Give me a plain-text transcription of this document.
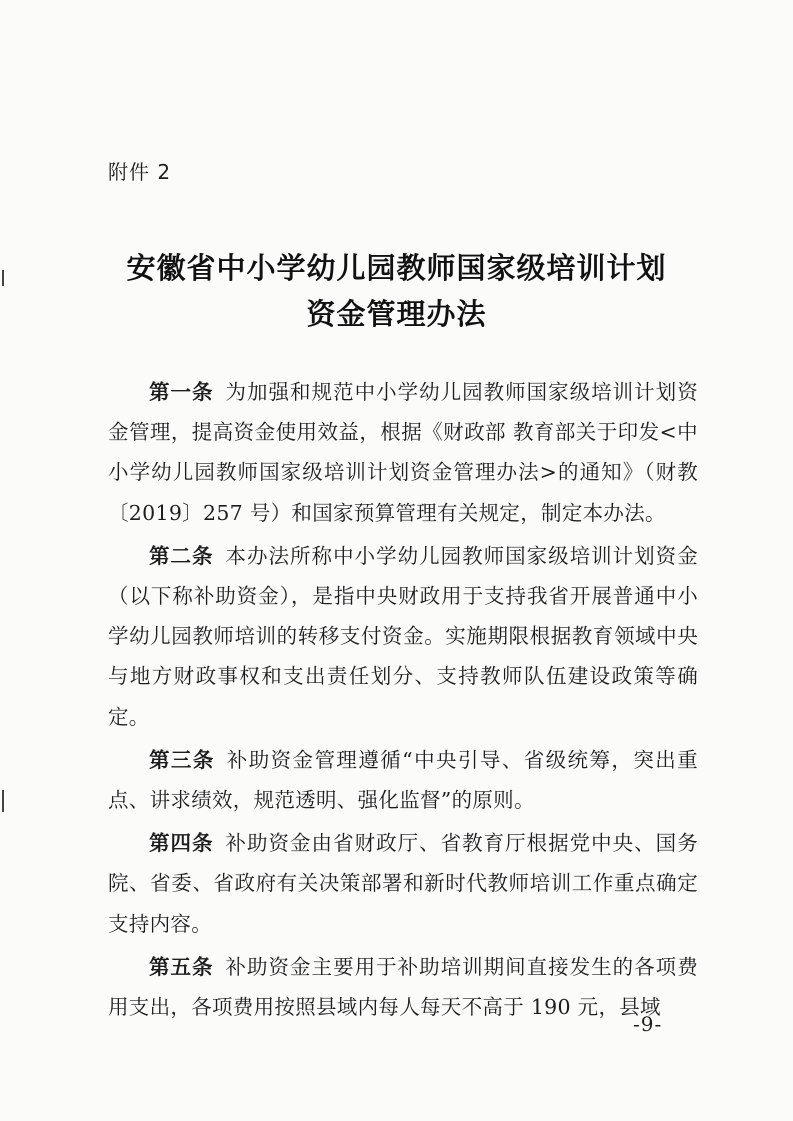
附件 2
安徽省中小学幼儿园教师国家级培训计划
资金管理办法

第一条 为加强和规范中小学幼儿园教师国家级培训计划资金管理，提高资金使用效益，根据《财政部 教育部关于印发<中小学幼儿园教师国家级培训计划资金管理办法>的通知》（财教〔2019〕257 号）和国家预算管理有关规定，制定本办法。

第二条 本办法所称中小学幼儿园教师国家级培训计划资金（以下称补助资金），是指中央财政用于支持我省开展普通中小学幼儿园教师培训的转移支付资金。实施期限根据教育领域中央与地方财政事权和支出责任划分、支持教师队伍建设政策等确定。

第三条 补助资金管理遵循“中央引导、省级统筹，突出重点、讲求绩效，规范透明、强化监督”的原则。

第四条 补助资金由省财政厅、省教育厅根据党中央、国务院、省委、省政府有关决策部署和新时代教师培训工作重点确定支持内容。

第五条 补助资金主要用于补助培训期间直接发生的各项费用支出，各项费用按照县域内每人每天不高于 190 元，县域

-9-
